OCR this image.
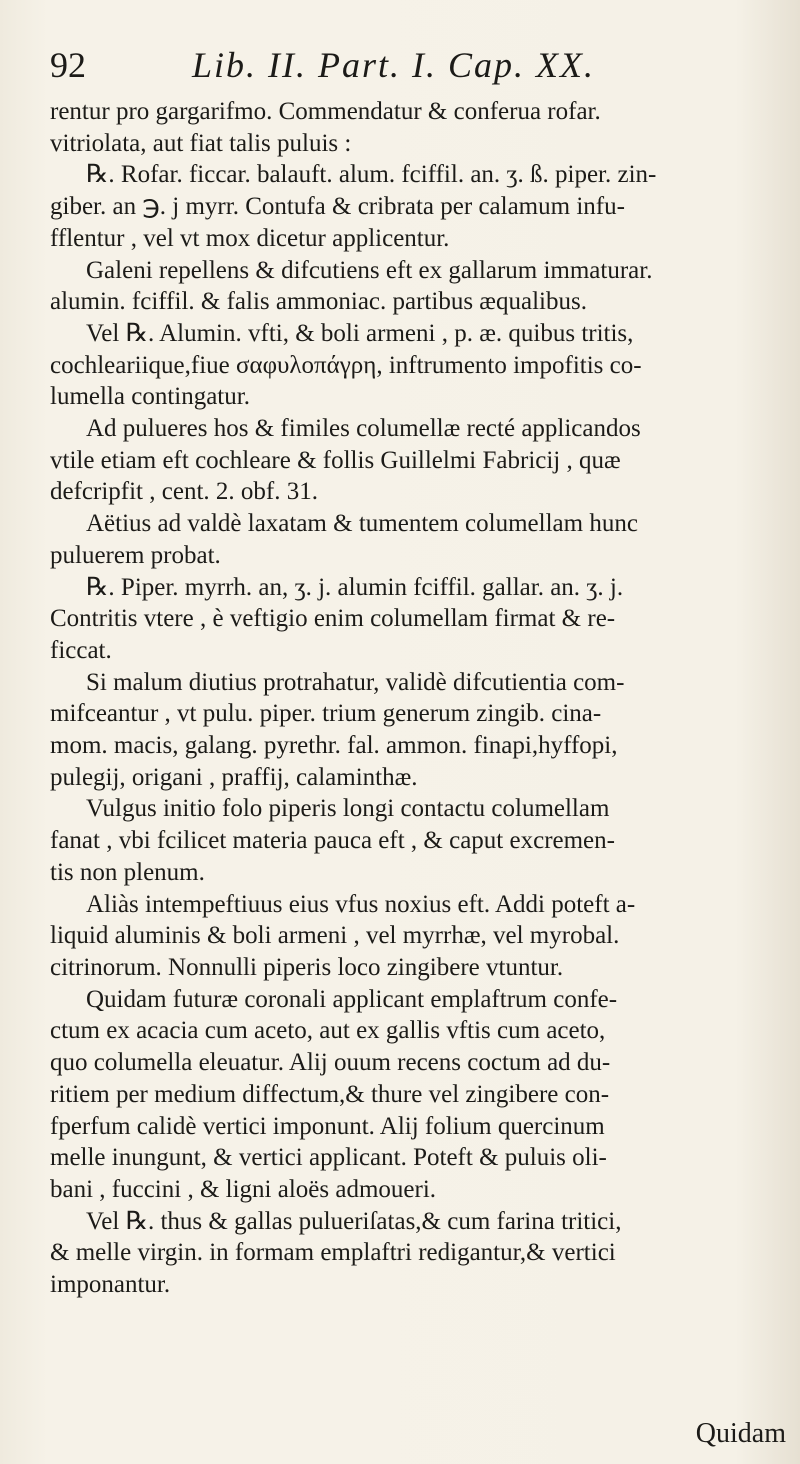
92	Lib. II. Part. I. Cap. XX.

rentur pro gargarifmo. Commendatur & conferua rofar.

vitriolata, aut fiat talis puluis :

℞. Rofar. ficcar. balauft. alum. fciffil. an. ʒ. ß. piper. zin-

giber. an ℈. j myrr. Contufa & cribrata per calamum infu-

fflentur , vel vt mox dicetur applicentur.

Galeni repellens & difcutiens eft ex gallarum immaturar.

alumin. fciffil. & falis ammoniac. partibus æqualibus.

Vel ℞. Alumin. vfti, & boli armeni , p. æ. quibus tritis,

cochleariique,fiue σαφυλοπάγρη, inftrumento impofitis co-

lumella contingatur.

Ad pulueres hos & fimiles columellæ recté applicandos

vtile etiam eft cochleare & follis Guillelmi Fabricij , quæ

defcripfit , cent. 2. obf. 31.

Aëtius ad valdè laxatam & tumentem columellam hunc

puluerem probat.

℞. Piper. myrrh. an, ʒ. j. alumin fciffil. gallar. an. ʒ. j.

Contritis vtere , è veftigio enim columellam firmat & re-

ficcat.

Si malum diutius protrahatur, validè difcutientia com-

mifceantur , vt pulu. piper. trium generum zingib. cina-

mom. macis, galang. pyrethr. fal. ammon. finapi,hyffopi,

pulegij, origani , praffij, calaminthæ.

Vulgus initio folo piperis longi contactu columellam

fanat , vbi fcilicet materia pauca eft , & caput excremen-

tis non plenum.

Aliàs intempeftiuus eius vfus noxius eft. Addi poteft a-

liquid aluminis & boli armeni , vel myrrhæ, vel myrobal.

citrinorum. Nonnulli piperis loco zingibere vtuntur.

Quidam futuræ coronali applicant emplaftrum confe-

ctum ex acacia cum aceto, aut ex gallis vftis cum aceto,

quo columella eleuatur. Alij ouum recens coctum ad du-

ritiem per medium diffectum,& thure vel zingibere con-

fperfum calidè vertici imponunt. Alij folium quercinum

melle inungunt, & vertici applicant. Poteft & puluis oli-

bani , fuccini , & ligni aloës admoueri.

Vel ℞. thus & gallas pulueriſatas,& cum farina tritici,

& melle virgin. in formam emplaftri redigantur,& vertici

imponantur.

Quidam
